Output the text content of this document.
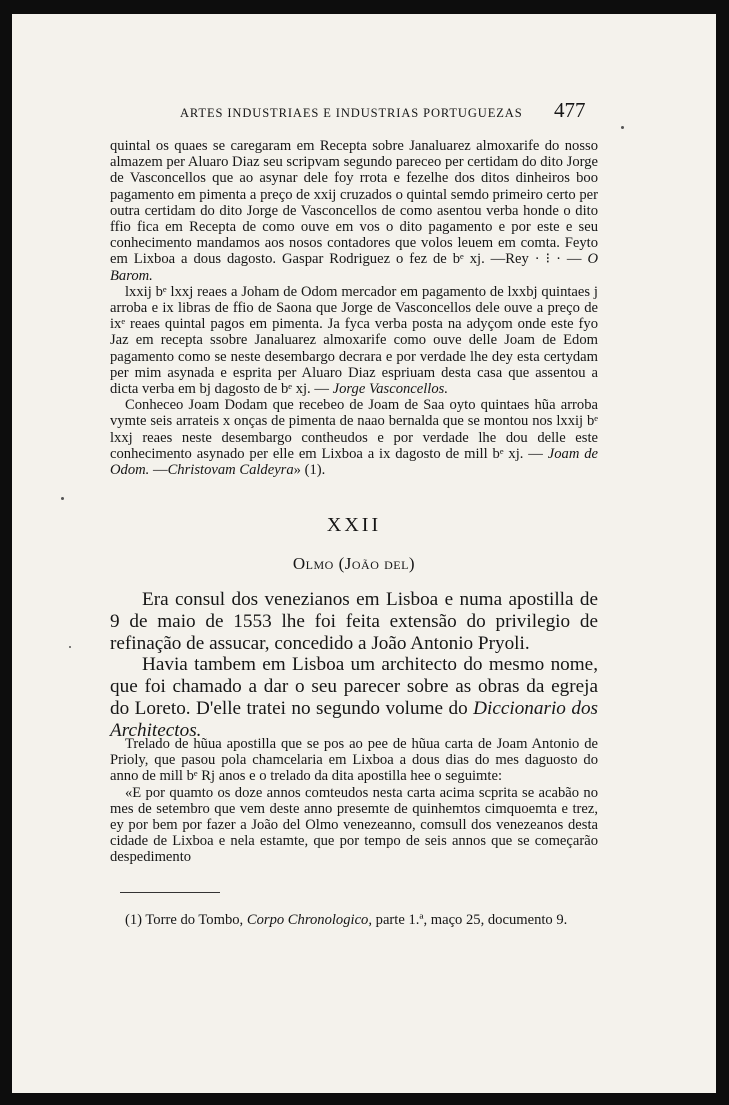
ARTES INDUSTRIAES E INDUSTRIAS PORTUGUEZAS 477

quintal os quaes se caregaram em Recepta sobre Janaluarez almoxarife do nosso almazem per Aluaro Diaz seu scripvam segundo pareceo per certidam do dito Jorge de Vasconcellos que ao asynar dele foy rrota e fezelhe dos ditos dinheiros boo pagamento em pimenta a preço de xxij cruzados o quintal semdo primeiro certo per outra certidam do dito Jorge de Vasconcellos de como asentou verba honde o dito ffio fica em Recepta de como ouve em vos o dito pagamento e por este e seu conhecimento mandamos aos nosos contadores que volos leuem em comta. Feyto em Lixboa a dous dagosto. Gaspar Rodriguez o fez de bᵉ xj. —Rey · ⁝ · — O Barom.

lxxij bᵉ lxxj reaes a Joham de Odom mercador em pagamento de lxxbj quintaes j arroba e ix libras de ffio de Saona que Jorge de Vasconcellos dele ouve a preço de ixᵉ reaes quintal pagos em pimenta. Ja fyca verba posta na adyçom onde este fyo Jaz em recepta ssobre Janaluarez almoxarife como ouve delle Joam de Edom pagamento como se neste desembargo decrara e por verdade lhe dey esta certydam per mim asynada e esprita per Aluaro Diaz espriuam desta casa que assentou a dicta verba em bj dagosto de bᵉ xj. — Jorge Vasconcellos.

Conheceo Joam Dodam que recebeo de Joam de Saa oyto quintaes hũa arroba vymte seis arrateis x onças de pimenta de naao bernalda que se montou nos lxxij bᵉ lxxj reaes neste desembargo contheudos e por verdade lhe dou delle este conhecimento asynado per elle em Lixboa a ix dagosto de mill bᵉ xj. — Joam de Odom. —Christovam Caldeyra» (1).

XXII
Olmo (João del)

Era consul dos venezianos em Lisboa e numa apostilla de 9 de maio de 1553 lhe foi feita extensão do privilegio de refinação de assucar, concedido a João Antonio Pryoli.

Havia tambem em Lisboa um architecto do mesmo nome, que foi chamado a dar o seu parecer sobre as obras da egreja do Loreto. D'elle tratei no segundo volume do Diccionario dos Architectos.

Trelado de hũua apostilla que se pos ao pee de hũua carta de Joam Antonio de Prioly, que pasou pola chamcelaria em Lixboa a dous dias do mes daguosto do anno de mill bᵉ Rj anos e o trelado da dita apostilla hee o seguimte:

«E por quamto os doze annos comteudos nesta carta acima scprita se acabão no mes de setembro que vem deste anno presemte de quinhemtos cimquoemta e trez, ey por bem por fazer a João del Olmo venezeanno, comsull dos venezeanos desta cidade de Lixboa e nela estamte, que por tempo de seis annos que se começarão despedimento

(1) Torre do Tombo, Corpo Chronologico, parte 1.ª, maço 25, documento 9.
